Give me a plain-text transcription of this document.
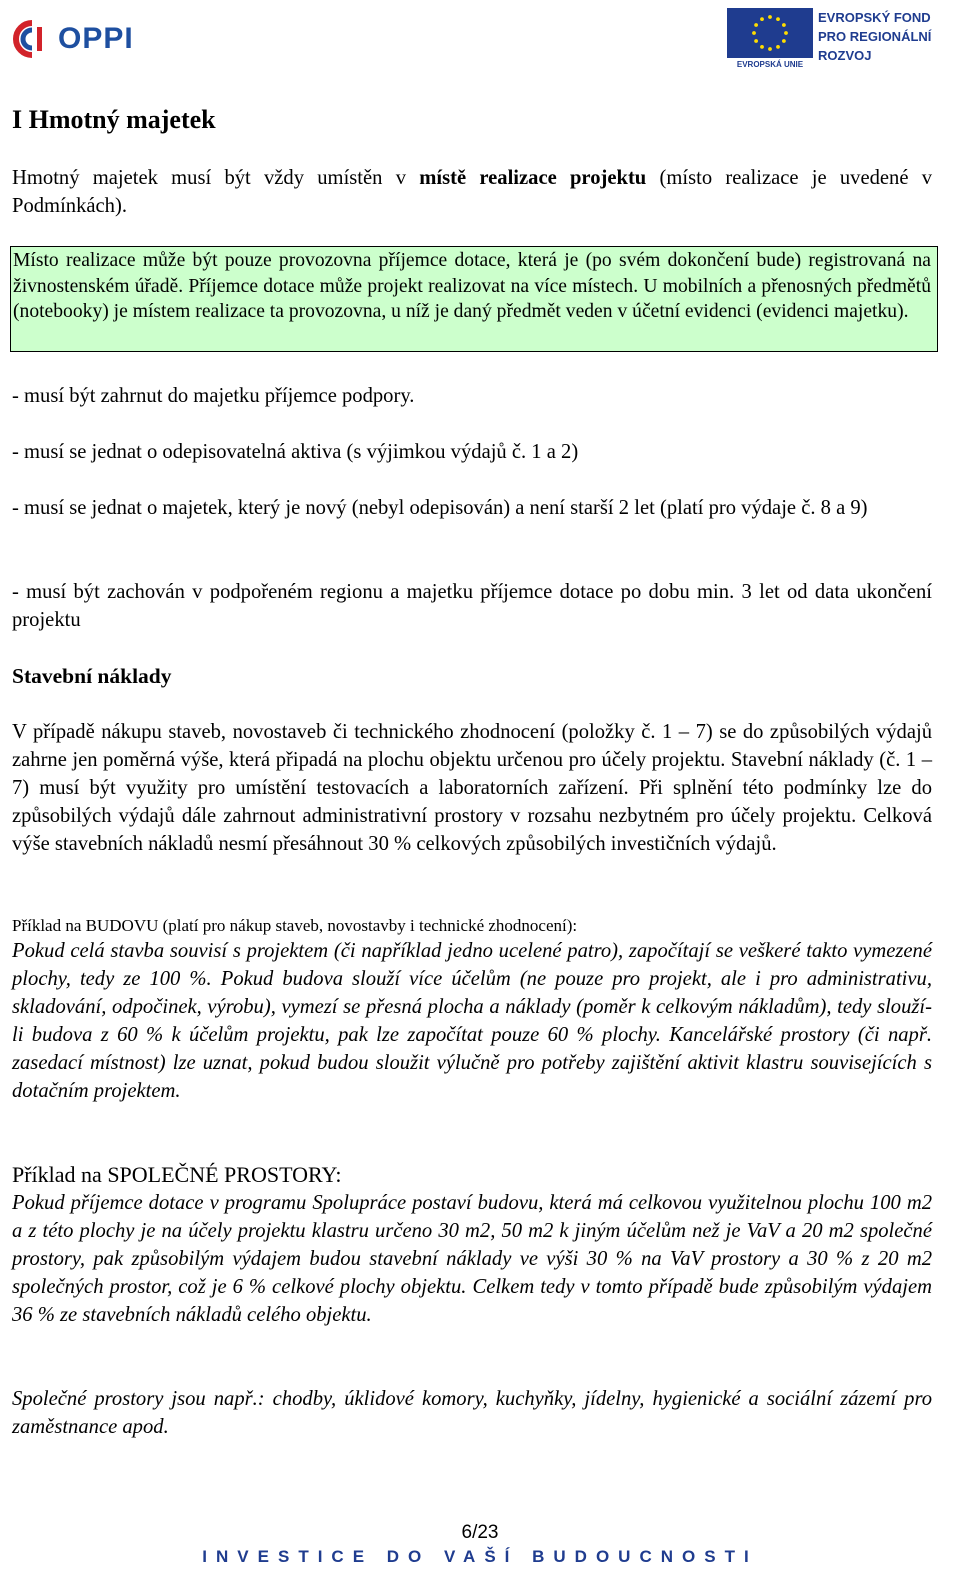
OPPI
EVROPSKÁ UNIE
EVROPSKÝ FOND
PRO REGIONÁLNÍ
ROZVOJ
I Hmotný majetek

Hmotný majetek musí být vždy umístěn v místě realizace projektu (místo realizace je uvedené v Podmínkách).

Místo realizace může být pouze provozovna příjemce dotace, která je (po svém dokončení bude) registrovaná na živnostenském úřadě. Příjemce dotace může projekt realizovat na více místech. U mobilních a přenosných předmětů (notebooky) je místem realizace ta provozovna, u níž je daný předmět veden v účetní evidenci (evidenci majetku).

- musí být zahrnut do majetku příjemce podpory.

- musí se jednat o odepisovatelná aktiva (s výjimkou výdajů č. 1 a 2)

- musí se jednat o majetek, který je nový (nebyl odepisován) a není starší 2 let (platí pro výdaje č. 8 a 9)

- musí být zachován v podpořeném regionu a majetku příjemce dotace po dobu min. 3 let od data ukončení projektu

Stavební náklady

V případě nákupu staveb, novostaveb či technického zhodnocení (položky č. 1 – 7) se do způsobilých výdajů zahrne jen poměrná výše, která připadá na plochu objektu určenou pro účely projektu. Stavební náklady (č. 1 – 7) musí být využity pro umístění testovacích a laboratorních zařízení. Při splnění této podmínky lze do způsobilých výdajů dále zahrnout administrativní prostory v rozsahu nezbytném pro účely projektu. Celková výše stavebních nákladů nesmí přesáhnout 30 % celkových způsobilých investičních výdajů.

Příklad na BUDOVU (platí pro nákup staveb, novostavby i technické zhodnocení):

Pokud celá stavba souvisí s projektem (či například jedno ucelené patro), započítají se veškeré takto vymezené plochy, tedy ze 100 %. Pokud budova slouží více účelům (ne pouze pro projekt, ale i pro administrativu, skladování, odpočinek, výrobu), vymezí se přesná plocha a náklady (poměr k celkovým nákladům), tedy slouží-li budova z 60 % k účelům projektu, pak lze započítat pouze 60 % plochy. Kancelářské prostory (či např. zasedací místnost) lze uznat, pokud budou sloužit výlučně pro potřeby zajištění aktivit klastru souvisejících s dotačním projektem.

Příklad na SPOLEČNÉ PROSTORY:

Pokud příjemce dotace v programu Spolupráce postaví budovu, která má celkovou využitelnou plochu 100 m2 a z této plochy je na účely projektu klastru určeno 30 m2, 50 m2 k jiným účelům než je VaV a 20 m2 společné prostory, pak způsobilým výdajem budou stavební náklady ve výši 30 % na VaV prostory a 30 % z 20 m2 společných prostor, což je 6 % celkové plochy objektu. Celkem tedy v tomto případě bude způsobilým výdajem 36 % ze stavebních nákladů celého objektu.

Společné prostory jsou např.: chodby, úklidové komory, kuchyňky, jídelny, hygienické a sociální zázemí pro zaměstnance apod.

6/23
INVESTICE DO VAŠÍ BUDOUCNOSTI
